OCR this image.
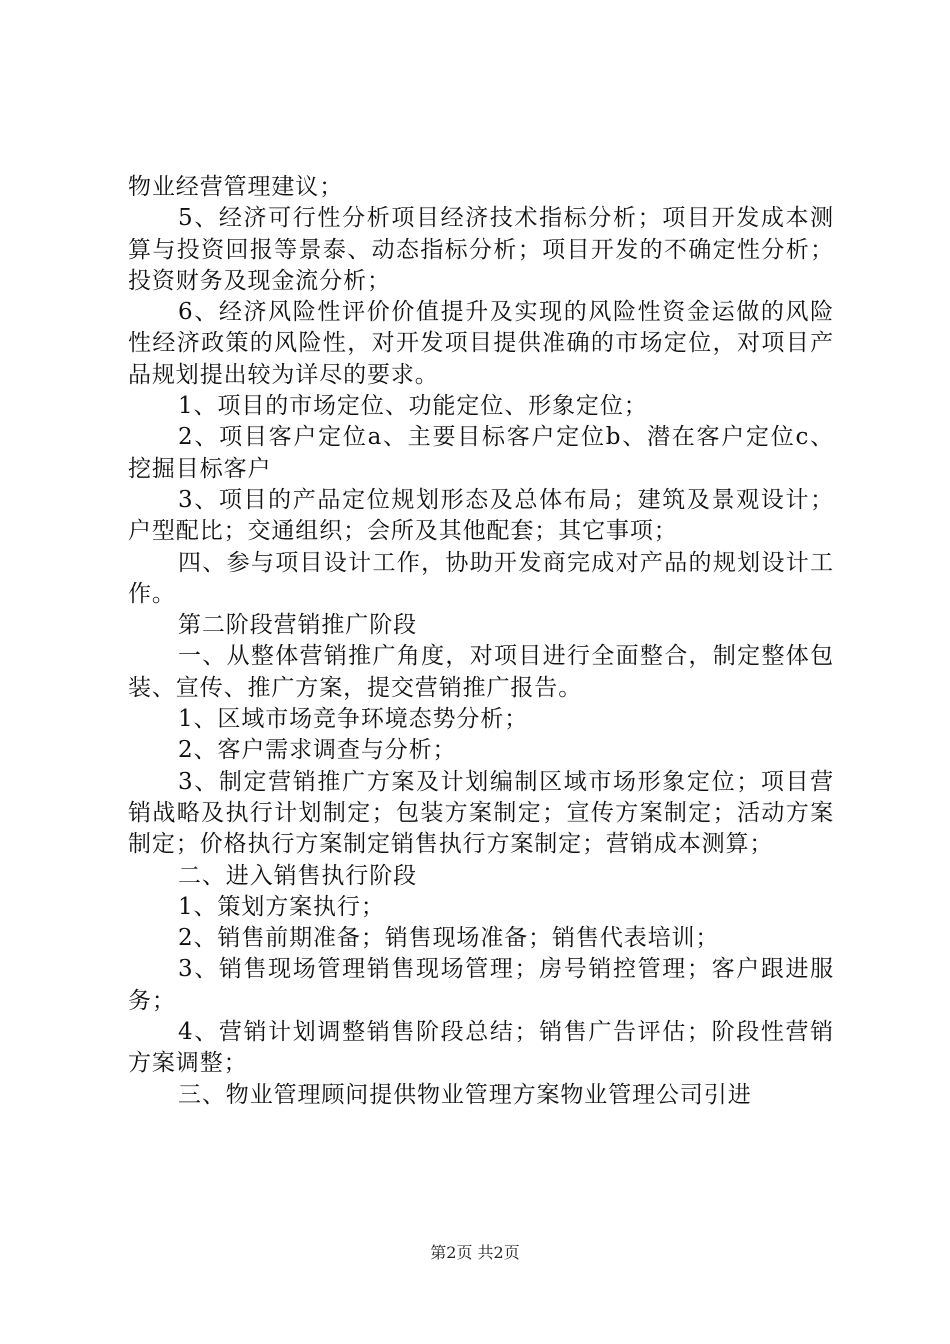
物业经营管理建议；

5、经济可行性分析项目经济技术指标分析；项目开发成本测算与投资回报等景泰、动态指标分析；项目开发的不确定性分析；投资财务及现金流分析；

6、经济风险性评价价值提升及实现的风险性资金运做的风险性经济政策的风险性，对开发项目提供准确的市场定位，对项目产品规划提出较为详尽的要求。

1、项目的市场定位、功能定位、形象定位；

2、项目客户定位a、主要目标客户定位b、潜在客户定位c、挖掘目标客户

3、项目的产品定位规划形态及总体布局；建筑及景观设计；户型配比；交通组织；会所及其他配套；其它事项；

四、参与项目设计工作，协助开发商完成对产品的规划设计工作。

第二阶段营销推广阶段

一、从整体营销推广角度，对项目进行全面整合，制定整体包装、宣传、推广方案，提交营销推广报告。

1、区域市场竞争环境态势分析；

2、客户需求调查与分析；

3、制定营销推广方案及计划编制区域市场形象定位；项目营销战略及执行计划制定；包装方案制定；宣传方案制定；活动方案制定；价格执行方案制定销售执行方案制定；营销成本测算；

二、进入销售执行阶段

1、策划方案执行；

2、销售前期准备；销售现场准备；销售代表培训；

3、销售现场管理销售现场管理；房号销控管理；客户跟进服务；

4、营销计划调整销售阶段总结；销售广告评估；阶段性营销方案调整；

三、物业管理顾问提供物业管理方案物业管理公司引进

第2页 共2页
